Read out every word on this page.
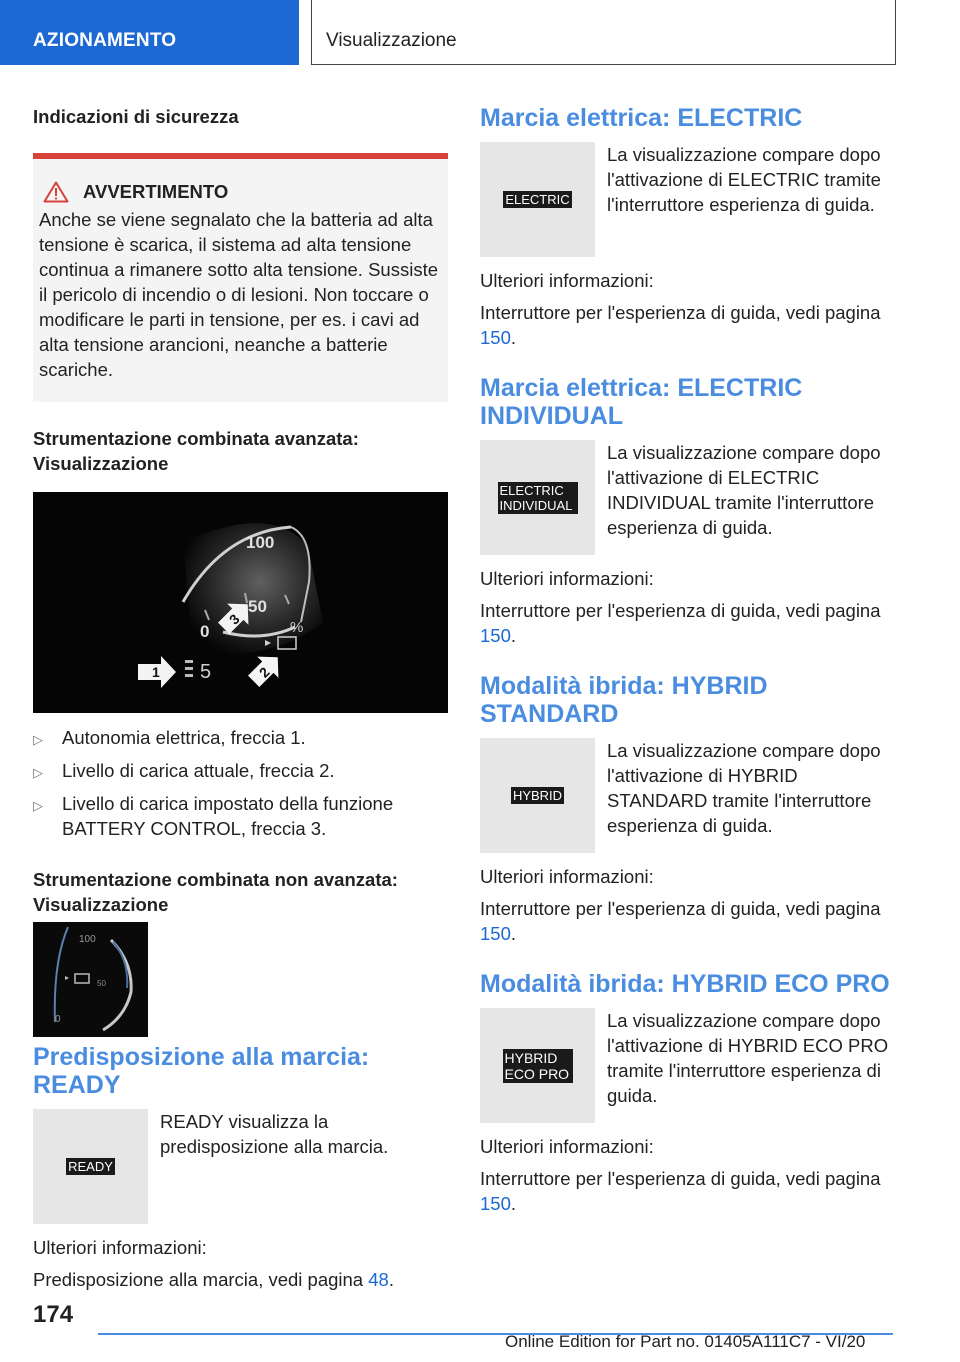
AZIONAMENTO	Visualizzazione
Indicazioni di sicurezza
AVVERTIMENTO
Anche se viene segnalato che la batteria ad alta tensione è scarica, il sistema ad alta tensione continua a rimanere sotto alta tensione. Sussiste il pericolo di incendio o di lesioni. Non toccare o modificare le parti in tensione, per es. i cavi ad alta tensione arancioni, neanche a batterie scariche.
Strumentazione combinata avanzata: Visualizzazione
100
50
0	%
5
1	2
3
▷	Autonomia elettrica, freccia 1.
▷	Livello di carica attuale, freccia 2.
▷	Livello di carica impostato della funzione BATTERY CONTROL, freccia 3.
Strumentazione combinata non avanzata: Visualizzazione
100
50
0
Predisposizione alla marcia: READY
READY
READY visualizza la predisposizione alla marcia.
Ulteriori informazioni:
Predisposizione alla marcia, vedi pagina 48.
Marcia elettrica: ELECTRIC
ELECTRIC
La visualizzazione compare dopo l'attivazione di ELECTRIC tramite l'interruttore esperienza di guida.
Ulteriori informazioni:
Interruttore per l'esperienza di guida, vedi pagina 150.
Marcia elettrica: ELECTRIC INDIVIDUAL
ELECTRIC INDIVIDUAL
La visualizzazione compare dopo l'attivazione di ELECTRIC INDIVIDUAL tramite l'interruttore esperienza di guida.
Ulteriori informazioni:
Interruttore per l'esperienza di guida, vedi pagina 150.
Modalità ibrida: HYBRID STANDARD
HYBRID
La visualizzazione compare dopo l'attivazione di HYBRID STANDARD tramite l'interruttore esperienza di guida.
Ulteriori informazioni:
Interruttore per l'esperienza di guida, vedi pagina 150.
Modalità ibrida: HYBRID ECO PRO
HYBRID ECO PRO
La visualizzazione compare dopo l'attivazione di HYBRID ECO PRO tramite l'interruttore esperienza di guida.
Ulteriori informazioni:
Interruttore per l'esperienza di guida, vedi pagina 150.
174
Online Edition for Part no. 01405A111C7 - VI/20
